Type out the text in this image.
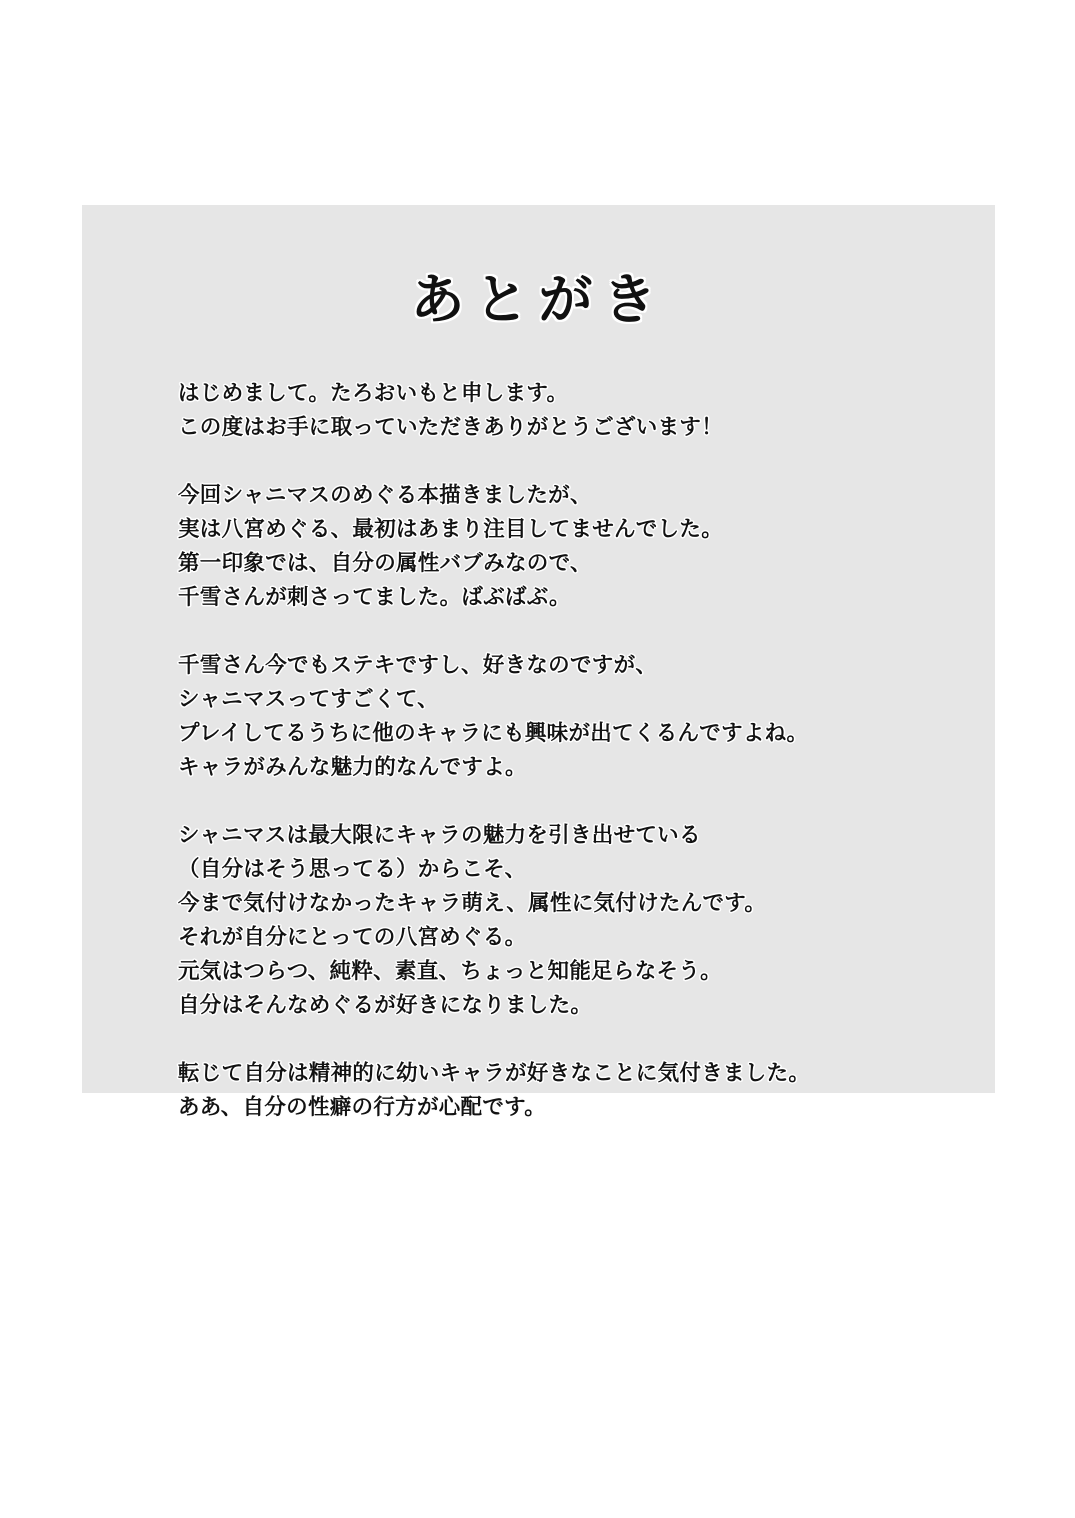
あとがき
はじめまして。たろおいもと申します。
この度はお手に取っていただきありがとうございます！
今回シャニマスのめぐる本描きましたが、
実は八宮めぐる、最初はあまり注目してませんでした。
第一印象では、自分の属性バブみなので、
千雪さんが刺さってました。ばぶばぶ。
千雪さん今でもステキですし、好きなのですが、
シャニマスってすごくて、
プレイしてるうちに他のキャラにも興味が出てくるんですよね。
キャラがみんな魅力的なんですよ。
シャニマスは最大限にキャラの魅力を引き出せている
（自分はそう思ってる）からこそ、
今まで気付けなかったキャラ萌え、属性に気付けたんです。
それが自分にとっての八宮めぐる。
元気はつらつ、純粋、素直、ちょっと知能足らなそう。
自分はそんなめぐるが好きになりました。
転じて自分は精神的に幼いキャラが好きなことに気付きました。
ああ、自分の性癖の行方が心配です。
